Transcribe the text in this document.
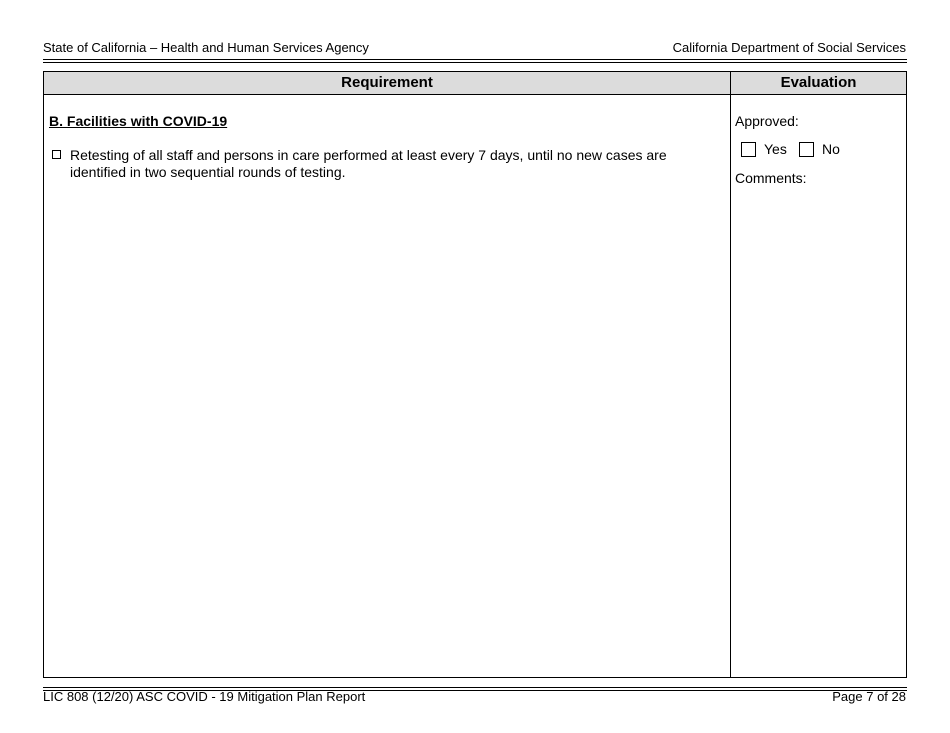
State of California – Health and Human Services Agency	California Department of Social Services
Requirement	Evaluation
B. Facilities with COVID-19
Retesting of all staff and persons in care performed at least every 7 days, until no new cases are identified in two sequential rounds of testing.
Approved:
Yes	No
Comments:
LIC 808 (12/20) ASC COVID - 19 Mitigation Plan Report	Page 7 of 28
